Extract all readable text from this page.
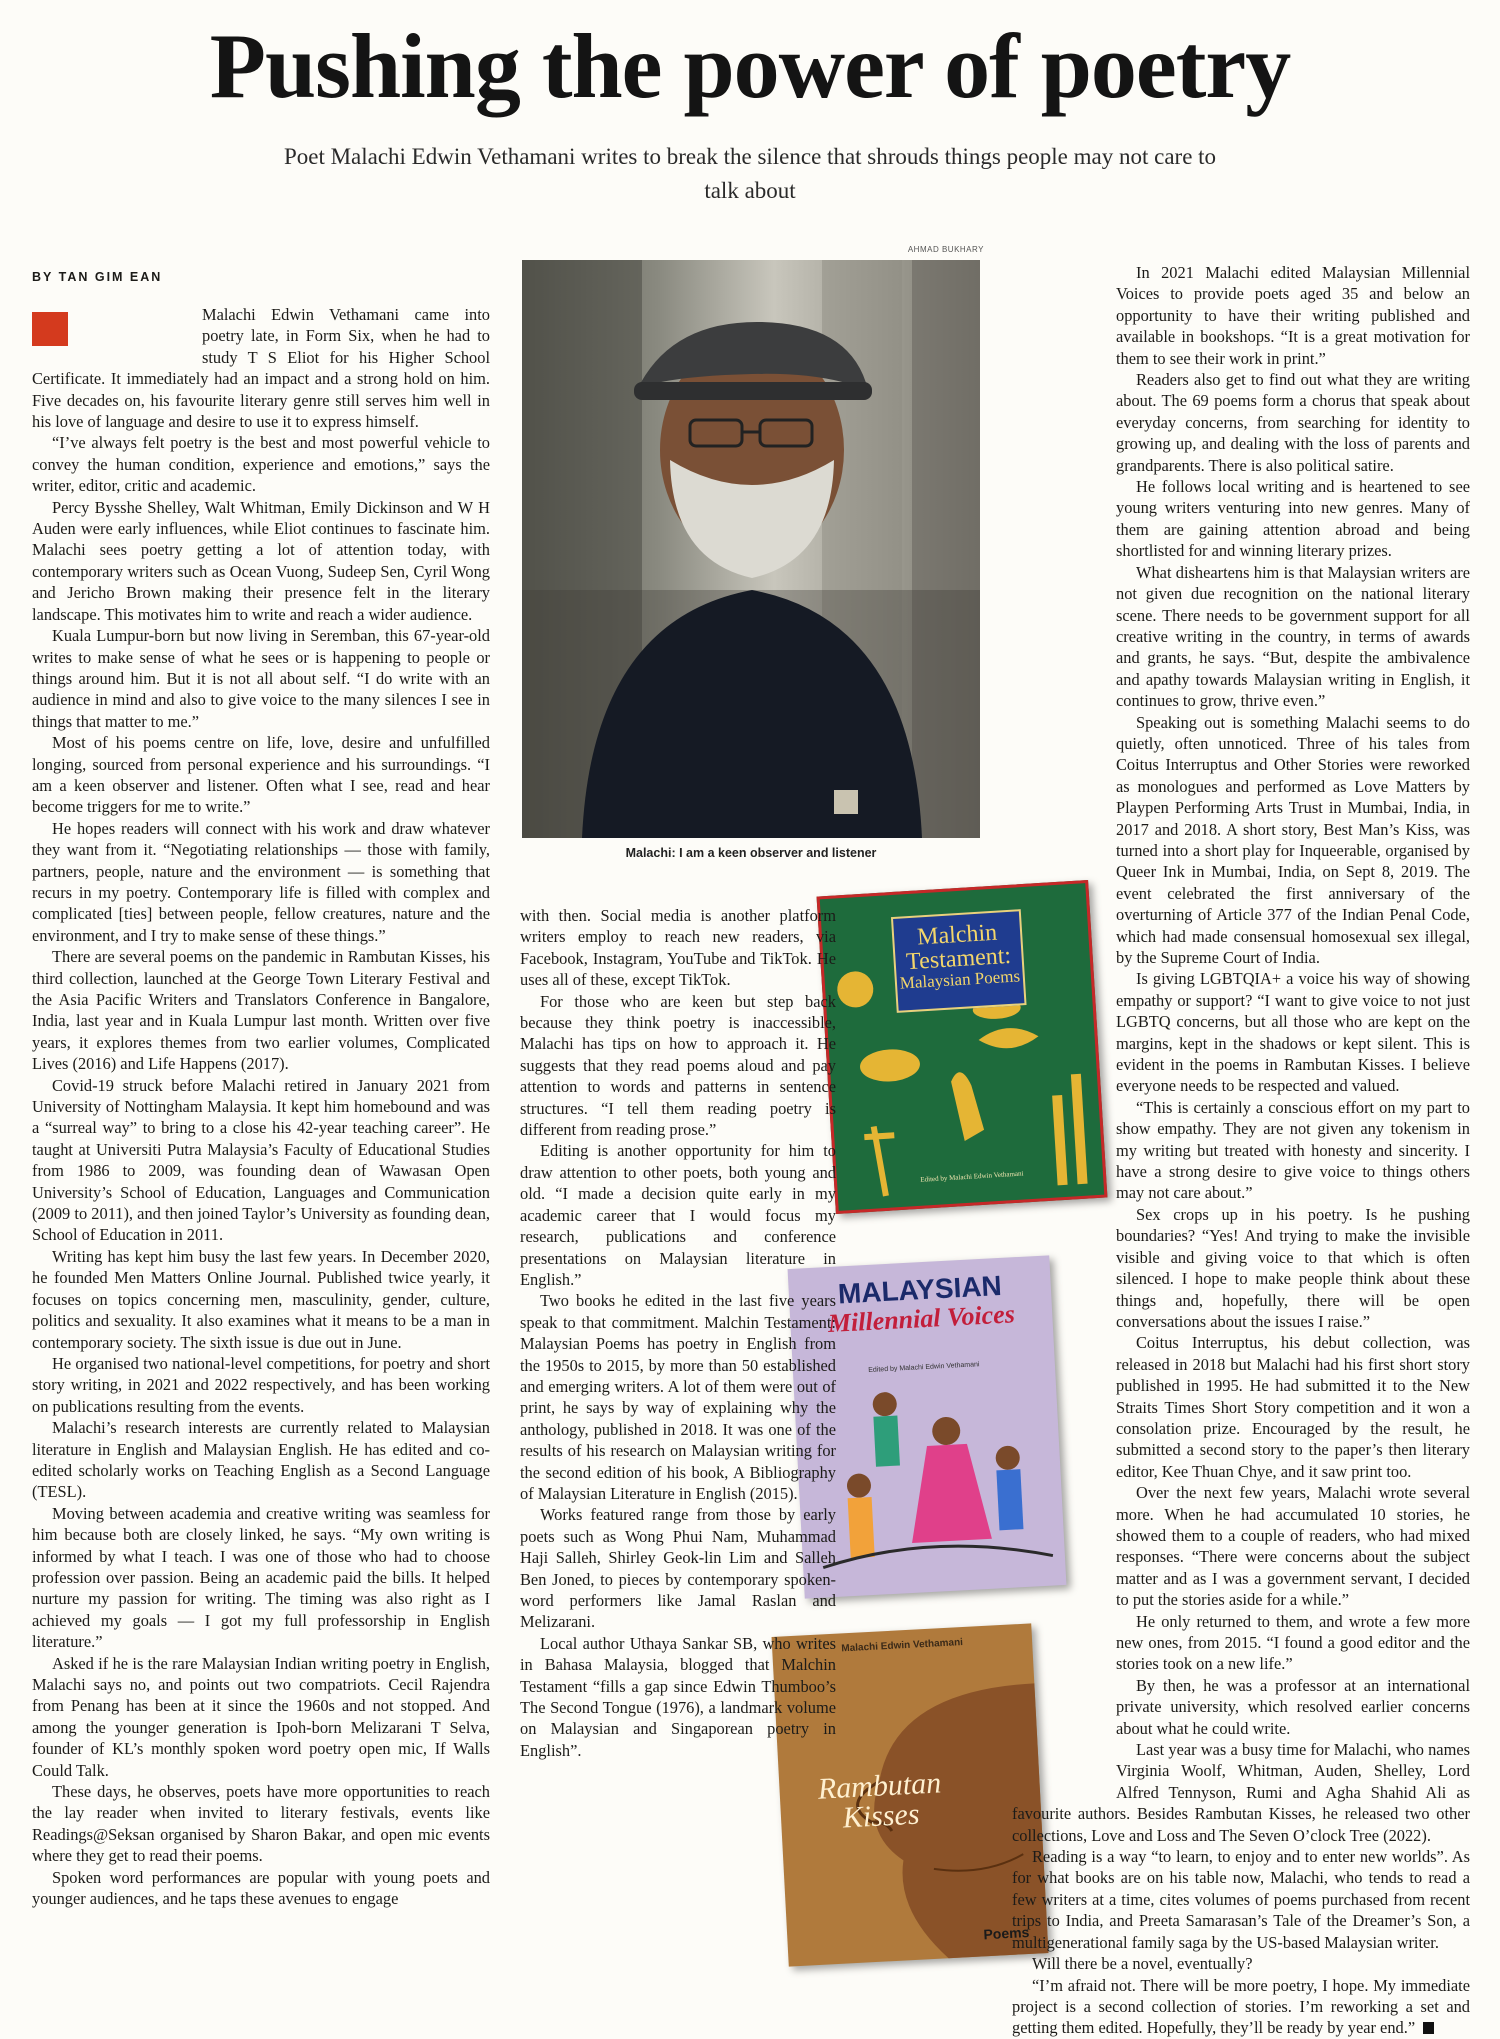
Pushing the power of poetry
Poet Malachi Edwin Vethamani writes to break the silence that shrouds things people may not care to talk about
AHMAD BUKHARY
BY TAN GIM EAN
Malachi: I am a keen observer and listener
Malchin Testament:
Malaysian Poems
Edited by Malachi Edwin Vethamani
MALAYSIAN
Millennial Voices
Edited by Malachi Edwin Vethamani
Malachi Edwin Vethamani
Rambutan Kisses
Poems

Malachi Edwin Vethamani came into poetry late, in Form Six, when he had to study T S Eliot for his Higher School Certificate. It immediately had an impact and a strong hold on him. Five decades on, his favourite literary genre still serves him well in his love of language and desire to use it to express himself.

“I’ve always felt poetry is the best and most powerful vehicle to convey the human condition, experience and emotions,” says the writer, editor, critic and academic.

Percy Bysshe Shelley, Walt Whitman, Emily Dickinson and W H Auden were early influences, while Eliot continues to fascinate him. Malachi sees poetry getting a lot of attention today, with contemporary writers such as Ocean Vuong, Sudeep Sen, Cyril Wong and Jericho Brown making their presence felt in the literary landscape. This motivates him to write and reach a wider audience.

Kuala Lumpur-born but now living in Seremban, this 67-year-old writes to make sense of what he sees or is happening to people or things around him. But it is not all about self. “I do write with an audience in mind and also to give voice to the many silences I see in things that matter to me.”

Most of his poems centre on life, love, desire and unfulfilled longing, sourced from personal experience and his surroundings. “I am a keen observer and listener. Often what I see, read and hear become triggers for me to write.”

He hopes readers will connect with his work and draw whatever they want from it. “Negotiating relationships — those with family, partners, people, nature and the environment — is something that recurs in my poetry. Contemporary life is filled with complex and complicated [ties] between people, fellow creatures, nature and the environment, and I try to make sense of these things.”

There are several poems on the pandemic in Rambutan Kisses, his third collection, launched at the George Town Literary Festival and the Asia Pacific Writers and Translators Conference in Bangalore, India, last year and in Kuala Lumpur last month. Written over five years, it explores themes from two earlier volumes, Complicated Lives (2016) and Life Happens (2017).

Covid-19 struck before Malachi retired in January 2021 from University of Nottingham Malaysia. It kept him homebound and was a “surreal way” to bring to a close his 42-year teaching career”. He taught at Universiti Putra Malaysia’s Faculty of Educational Studies from 1986 to 2009, was founding dean of Wawasan Open University’s School of Education, Languages and Communication (2009 to 2011), and then joined Taylor’s University as founding dean, School of Education in 2011.

Writing has kept him busy the last few years. In December 2020, he founded Men Matters Online Journal. Published twice yearly, it focuses on topics concerning men, masculinity, gender, culture, politics and sexuality. It also examines what it means to be a man in contemporary society. The sixth issue is due out in June.

He organised two national-level competitions, for poetry and short story writing, in 2021 and 2022 respectively, and has been working on publications resulting from the events.

Malachi’s research interests are currently related to Malaysian literature in English and Malaysian English. He has edited and co-edited scholarly works on Teaching English as a Second Language (TESL).

Moving between academia and creative writing was seamless for him because both are closely linked, he says. “My own writing is informed by what I teach. I was one of those who had to choose profession over passion. Being an academic paid the bills. It helped nurture my passion for writing. The timing was also right as I achieved my goals — I got my full professorship in English literature.”

Asked if he is the rare Malaysian Indian writing poetry in English, Malachi says no, and points out two compatriots. Cecil Rajendra from Penang has been at it since the 1960s and not stopped. And among the younger generation is Ipoh-born Melizarani T Selva, founder of KL’s monthly spoken word poetry open mic, If Walls Could Talk.

These days, he observes, poets have more opportunities to reach the lay reader when invited to literary festivals, events like Readings@Seksan organised by Sharon Bakar, and open mic events where they get to read their poems.

Spoken word performances are popular with young poets and younger audiences, and he taps these avenues to engage

with then. Social media is another platform writers employ to reach new readers, via Facebook, Instagram, YouTube and TikTok. He uses all of these, except TikTok.

For those who are keen but step back because they think poetry is inaccessible, Malachi has tips on how to approach it. He suggests that they read poems aloud and pay attention to words and patterns in sentence structures. “I tell them reading poetry is different from reading prose.”

Editing is another opportunity for him to draw attention to other poets, both young and old. “I made a decision quite early in my academic career that I would focus my research, publications and conference presentations on Malaysian literature in English.”

Two books he edited in the last five years speak to that commitment. Malchin Testament: Malaysian Poems has poetry in English from the 1950s to 2015, by more than 50 established and emerging writers. A lot of them were out of print, he says by way of explaining why the anthology, published in 2018. It was one of the results of his research on Malaysian writing for the second edition of his book, A Bibliography of Malaysian Literature in English (2015).

Works featured range from those by early poets such as Wong Phui Nam, Muhammad Haji Salleh, Shirley Geok-lin Lim and Salleh Ben Joned, to pieces by contemporary spoken-word performers like Jamal Raslan and Melizarani.

Local author Uthaya Sankar SB, who writes in Bahasa Malaysia, blogged that Malchin Testament “fills a gap since Edwin Thumboo’s The Second Tongue (1976), a landmark volume on Malaysian and Singaporean poetry in English”.

In 2021 Malachi edited Malaysian Millennial Voices to provide poets aged 35 and below an opportunity to have their writing published and available in bookshops. “It is a great motivation for them to see their work in print.”

Readers also get to find out what they are writing about. The 69 poems form a chorus that speak about everyday concerns, from searching for identity to growing up, and dealing with the loss of parents and grandparents. There is also political satire.

He follows local writing and is heartened to see young writers venturing into new genres. Many of them are gaining attention abroad and being shortlisted for and winning literary prizes.

What disheartens him is that Malaysian writers are not given due recognition on the national literary scene. There needs to be government support for all creative writing in the country, in terms of awards and grants, he says. “But, despite the ambivalence and apathy towards Malaysian writing in English, it continues to grow, thrive even.”

Speaking out is something Malachi seems to do quietly, often unnoticed. Three of his tales from Coitus Interruptus and Other Stories were reworked as monologues and performed as Love Matters by Playpen Performing Arts Trust in Mumbai, India, in 2017 and 2018. A short story, Best Man’s Kiss, was turned into a short play for Inqueerable, organised by Queer Ink in Mumbai, India, on Sept 8, 2019. The event celebrated the first anniversary of the overturning of Article 377 of the Indian Penal Code, which had made consensual homosexual sex illegal, by the Supreme Court of India.

Is giving LGBTQIA+ a voice his way of showing empathy or support? “I want to give voice to not just LGBTQ concerns, but all those who are kept on the margins, kept in the shadows or kept silent. This is evident in the poems in Rambutan Kisses. I believe everyone needs to be respected and valued.

“This is certainly a conscious effort on my part to show empathy. They are not given any tokenism in my writing but treated with honesty and sincerity. I have a strong desire to give voice to things others may not care about.”

Sex crops up in his poetry. Is he pushing boundaries? “Yes! And trying to make the invisible visible and giving voice to that which is often silenced. I hope to make people think about these things and, hopefully, there will be open conversations about the issues I raise.”

Coitus Interruptus, his debut collection, was released in 2018 but Malachi had his first short story published in 1995. He had submitted it to the New Straits Times Short Story competition and it won a consolation prize. Encouraged by the result, he submitted a second story to the paper’s then literary editor, Kee Thuan Chye, and it saw print too.

Over the next few years, Malachi wrote several more. When he had accumulated 10 stories, he showed them to a couple of readers, who had mixed responses. “There were concerns about the subject matter and as I was a government servant, I decided to put the stories aside for a while.”

He only returned to them, and wrote a few more new ones, from 2015. “I found a good editor and the stories took on a new life.”

By then, he was a professor at an international private university, which resolved earlier concerns about what he could write.

Last year was a busy time for Malachi, who names Virginia Woolf, Whitman, Auden, Shelley, Lord Alfred Tennyson, Rumi and Agha Shahid Ali as favourite authors. Besides Rambutan Kisses, he released two other collections, Love and Loss and The Seven O’clock Tree (2022).

Reading is a way “to learn, to enjoy and to enter new worlds”. As for what books are on his table now, Malachi, who tends to read a few writers at a time, cites volumes of poems purchased from recent trips to India, and Preeta Samarasan’s Tale of the Dreamer’s Son, a multigenerational family saga by the US-based Malaysian writer.

Will there be a novel, eventually?

“I’m afraid not. There will be more poetry, I hope. My immediate project is a second collection of stories. I’m reworking a set and getting them edited. Hopefully, they’ll be ready by year end.”
